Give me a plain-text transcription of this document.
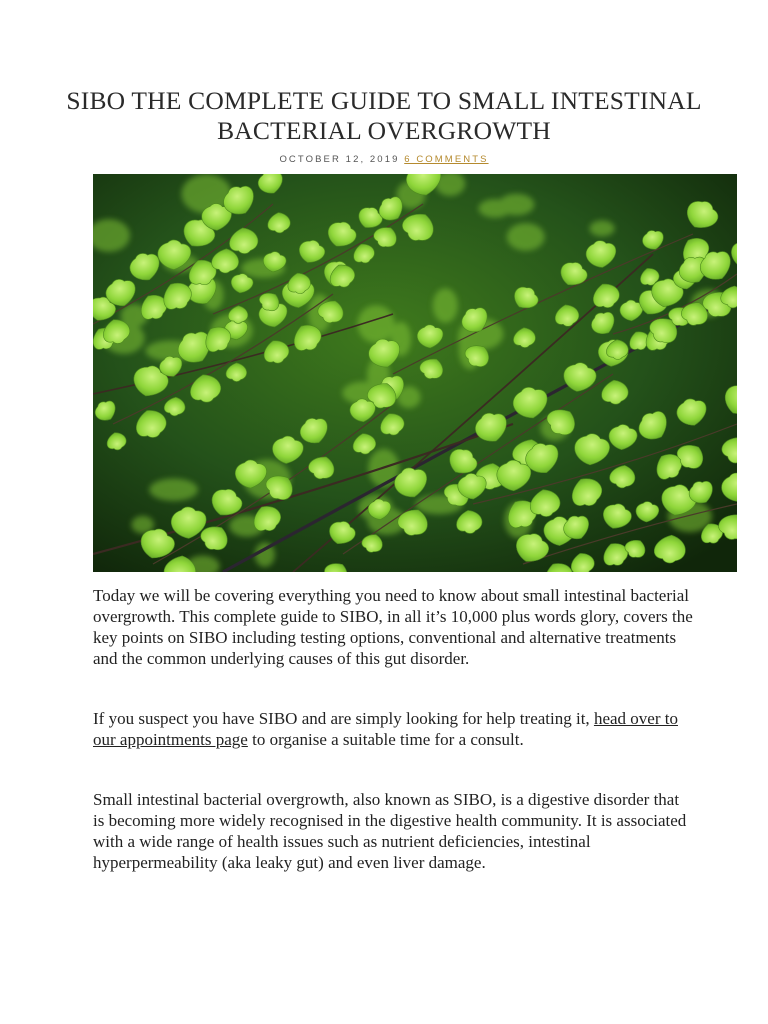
SIBO THE COMPLETE GUIDE TO SMALL INTESTINAL BACTERIAL OVERGROWTH
OCTOBER 12, 2019 6 COMMENTS

Today we will be covering everything you need to know about small intestinal bacterial overgrowth. This complete guide to SIBO, in all it’s 10,000 plus words glory, covers the key points on SIBO including testing options, conventional and alternative treatments and the common underlying causes of this gut disorder.

If you suspect you have SIBO and are simply looking for help treating it, head over to our appointments page to organise a suitable time for a consult.

Small intestinal bacterial overgrowth, also known as SIBO, is a digestive disorder that is becoming more widely recognised in the digestive health community. It is associated with a wide range of health issues such as nutrient deficiencies, intestinal hyperpermeability (aka leaky gut) and even liver damage.
